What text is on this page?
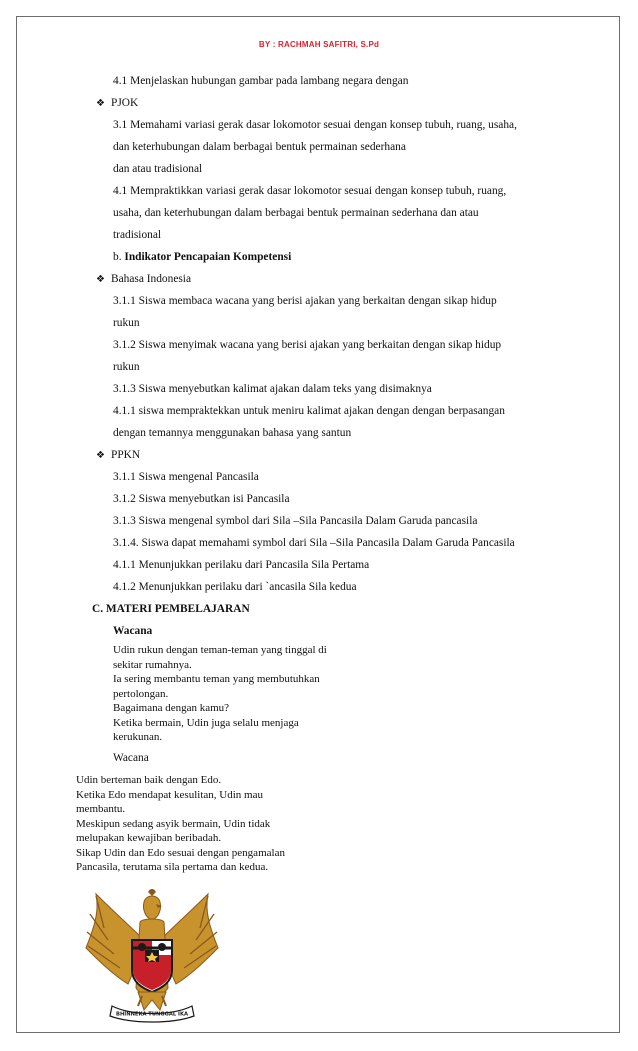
BY : RACHMAH SAFITRI, S.Pd
4.1 Menjelaskan hubungan gambar pada lambang negara dengan
❖ PJOK
3.1 Memahami variasi gerak dasar lokomotor sesuai dengan konsep tubuh, ruang, usaha,
dan keterhubungan dalam berbagai bentuk permainan sederhana
dan atau tradisional
4.1 Mempraktikkan variasi gerak dasar lokomotor sesuai dengan konsep tubuh, ruang,
usaha, dan keterhubungan dalam berbagai bentuk permainan sederhana dan atau
tradisional
b. Indikator Pencapaian Kompetensi
❖ Bahasa Indonesia
3.1.1 Siswa membaca wacana yang berisi ajakan yang berkaitan dengan sikap hidup
rukun
3.1.2 Siswa menyimak wacana yang berisi ajakan yang berkaitan dengan sikap hidup
rukun
3.1.3 Siswa menyebutkan kalimat ajakan dalam teks yang disimaknya
4.1.1 siswa mempraktekkan untuk meniru kalimat ajakan dengan dengan berpasangan
dengan temannya menggunakan bahasa yang santun
❖ PPKN
3.1.1 Siswa mengenal Pancasila
3.1.2 Siswa menyebutkan isi Pancasila
3.1.3 Siswa mengenal symbol dari Sila –Sila Pancasila Dalam Garuda pancasila
3.1.4. Siswa dapat memahami symbol dari Sila –Sila Pancasila Dalam Garuda Pancasila
4.1.1 Menunjukkan perilaku dari Pancasila Sila Pertama
4.1.2 Menunjukkan perilaku dari `ancasila Sila kedua
C. MATERI PEMBELAJARAN
Wacana
Udin rukun dengan teman-teman yang tinggal di
sekitar rumahnya.
Ia sering membantu teman yang membutuhkan
pertolongan.
Bagaimana dengan kamu?
Ketika bermain, Udin juga selalu menjaga
kerukunan.
Wacana
Udin berteman baik dengan Edo.
Ketika Edo mendapat kesulitan, Udin mau
membantu.
Meskipun sedang asyik bermain, Udin tidak
melupakan kewajiban beribadah.
Sikap Udin dan Edo sesuai dengan pengamalan
Pancasila, terutama sila pertama dan kedua.
BHINNEKA TUNGGAL IKA
